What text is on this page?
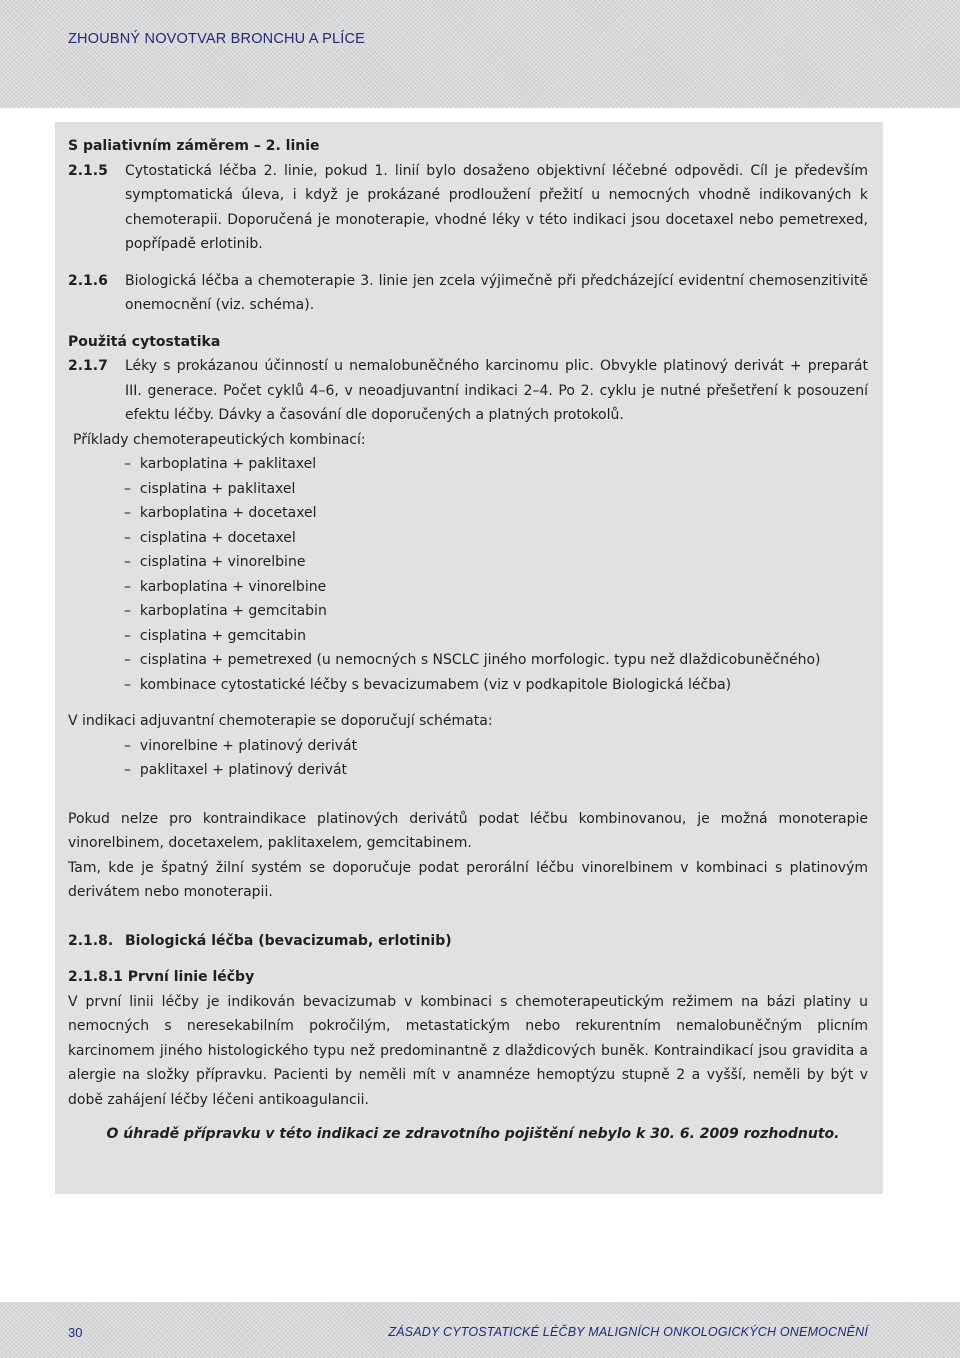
ZHOUBNÝ NOVOTVAR BRONCHU A PLÍCE

S paliativním záměrem – 2. linie

2.1.5	Cytostatická léčba 2. linie, pokud 1. linií bylo dosaženo objektivní léčebné odpovědi. Cíl je především symptomatická úleva, i když je prokázané prodloužení přežití u nemocných vhodně indikovaných k chemoterapii. Doporučená je monoterapie, vhodné léky v této indikaci jsou docetaxel nebo pemetrexed, popřípadě erlotinib.
2.1.6	Biologická léčba a chemoterapie 3. linie jen zcela výjimečně při předcházející evidentní chemosenzitivitě onemocnění (viz. schéma).

Použitá cytostatika

2.1.7	Léky s prokázanou účinností u nemalobuněčného karcinomu plic. Obvykle platinový derivát + preparát III. generace. Počet cyklů 4–6, v neoadjuvantní indikaci 2–4. Po 2. cyklu je nutné přešetření k posouzení efektu léčby. Dávky a časování dle doporučených a platných protokolů.

Příklady chemoterapeutických kombinací:

–  karboplatina + paklitaxel
–  cisplatina + paklitaxel
–  karboplatina + docetaxel
–  cisplatina + docetaxel
–  cisplatina + vinorelbine
–  karboplatina + vinorelbine
–  karboplatina + gemcitabin
–  cisplatina + gemcitabin
–  cisplatina + pemetrexed (u nemocných s NSCLC jiného morfologic. typu než dlaždicobuněčného)
–  kombinace cytostatické léčby s bevacizumabem (viz v podkapitole Biologická léčba)

V indikaci adjuvantní chemoterapie se doporučují schémata:

–  vinorelbine + platinový derivát
–  paklitaxel + platinový derivát

Pokud nelze pro kontraindikace platinových derivátů podat léčbu kombinovanou, je možná monoterapie vinorelbinem, docetaxelem, paklitaxelem, gemcitabinem.

Tam, kde je špatný žilní systém se doporučuje podat perorální léčbu vinorelbinem v kombinaci s platinovým derivátem nebo monoterapii.

2.1.8. Biologická léčba (bevacizumab, erlotinib)

2.1.8.1 První linie léčby

V první linii léčby je indikován bevacizumab v kombinaci s chemoterapeutickým režimem na bázi platiny u nemocných s neresekabilním pokročilým, metastatickým nebo rekurentním nemalobuněčným plicním karcinomem jiného histologického typu než predominantně z dlaždicových buněk. Kontraindikací jsou gravidita a alergie na složky přípravku. Pacienti by neměli mít v anamnéze hemoptýzu stupně 2 a vyšší, neměli by být v době zahájení léčby léčeni antikoagulancii.

O úhradě přípravku v této indikaci ze zdravotního pojištění nebylo k 30. 6. 2009 rozhodnuto.

30	ZÁSADY CYTOSTATICKÉ LÉČBY MALIGNÍCH ONKOLOGICKÝCH ONEMOCNĚNÍ
